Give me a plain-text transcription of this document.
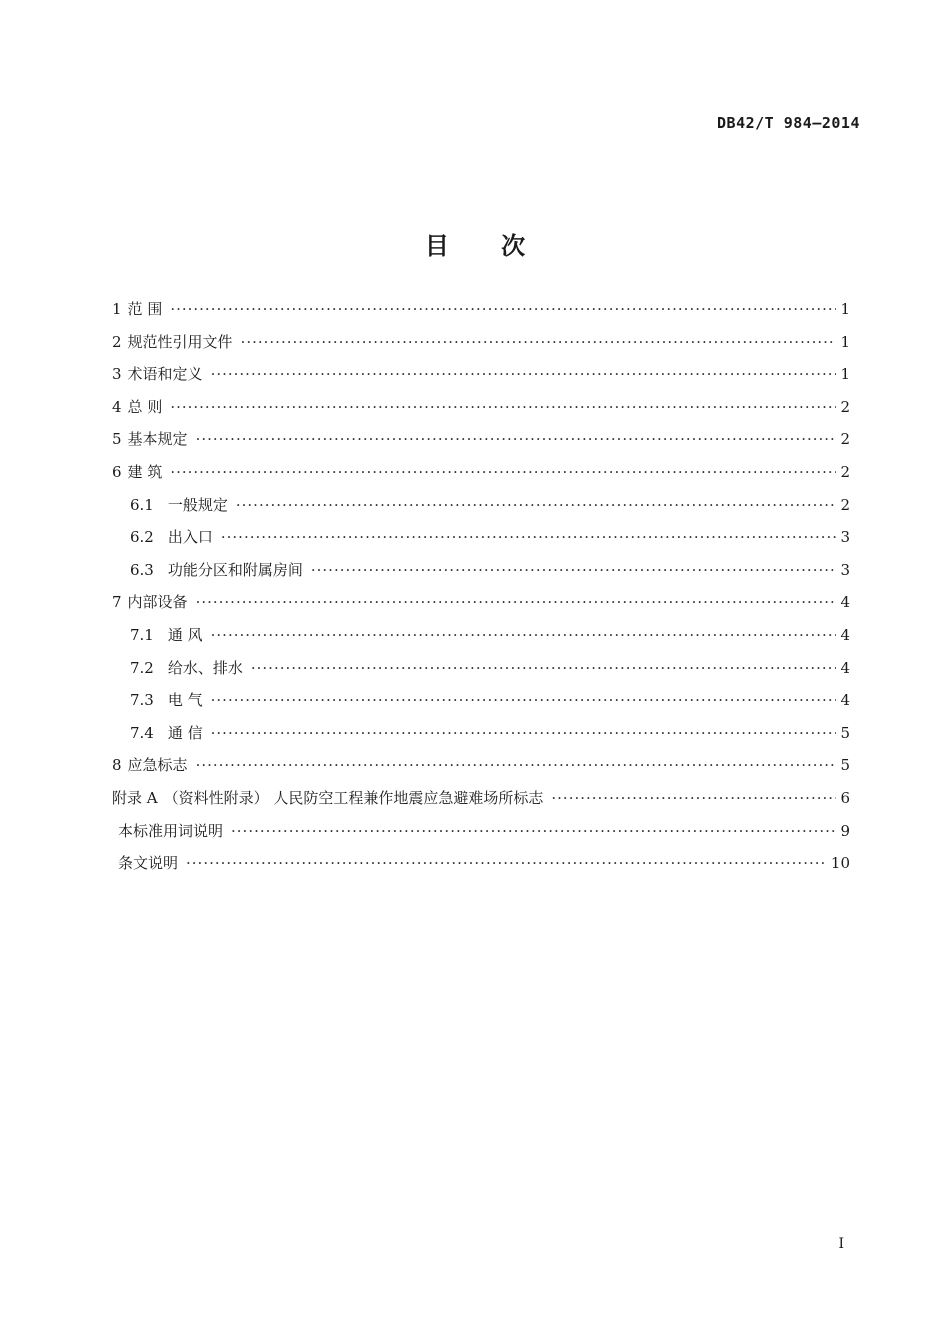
DB42/T 984—2014
目 次
1 范 围 ·····	1
2 规范性引用文件 ·····	1
3 术语和定义 ·····	1
4 总 则 ·····	2
5 基本规定 ·····	2
6 建 筑 ·····	2
6.1 一般规定 ·····	2
6.2 出入口 ·····	3
6.3 功能分区和附属房间 ·····	3
7 内部设备 ·····	4
7.1 通 风 ·····	4
7.2 给水、排水 ·····	4
7.3 电 气 ·····	4
7.4 通 信 ·····	5
8 应急标志 ·····	5
附录 A （资料性附录） 人民防空工程兼作地震应急避难场所标志 ·····	6
本标准用词说明 ·····	9
条文说明 ·····	10
I
